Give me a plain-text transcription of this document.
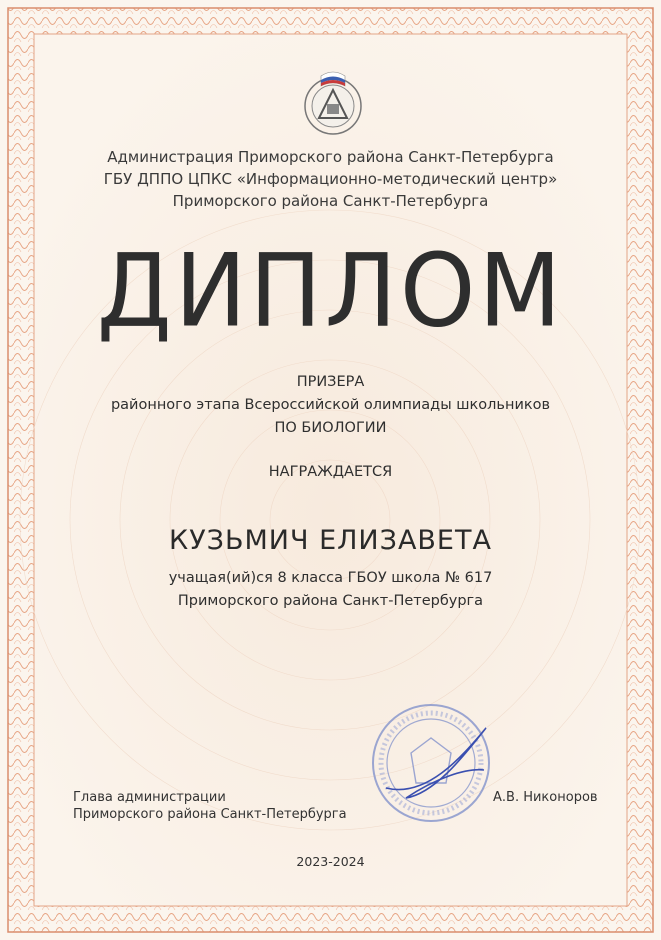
Администрация Приморского района Санкт-Петербурга
ГБУ ДППО ЦПКС «Информационно-методический центр»
Приморского района Санкт-Петербурга
ДИПЛОМ
ПРИЗЕРА
районного этапа Всероссийской олимпиады школьников
ПО БИОЛОГИИ
НАГРАЖДАЕТСЯ
КУЗЬМИЧ ЕЛИЗАВЕТА
учащая(ий)ся 8 класса ГБОУ школа № 617
Приморского района Санкт-Петербурга
Глава администрации
Приморского района Санкт-Петербурга
А.В. Никоноров
2023-2024
